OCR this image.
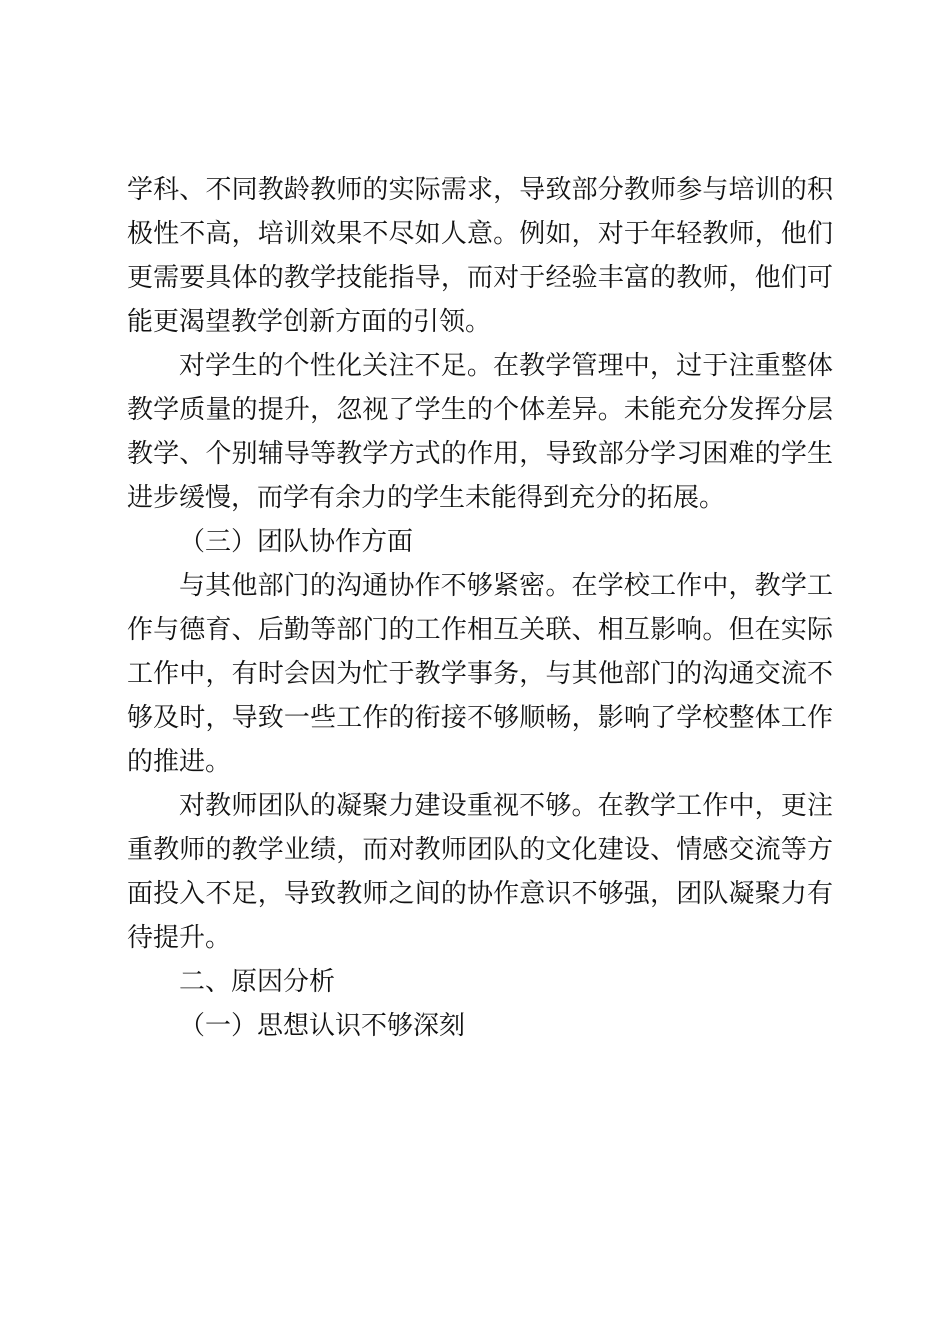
学科、不同教龄教师的实际需求，导致部分教师参与培训的积极性不高，培训效果不尽如人意。例如，对于年轻教师，他们更需要具体的教学技能指导，而对于经验丰富的教师，他们可能更渴望教学创新方面的引领。

对学生的个性化关注不足。在教学管理中，过于注重整体教学质量的提升，忽视了学生的个体差异。未能充分发挥分层教学、个别辅导等教学方式的作用，导致部分学习困难的学生进步缓慢，而学有余力的学生未能得到充分的拓展。

（三）团队协作方面

与其他部门的沟通协作不够紧密。在学校工作中，教学工作与德育、后勤等部门的工作相互关联、相互影响。但在实际工作中，有时会因为忙于教学事务，与其他部门的沟通交流不够及时，导致一些工作的衔接不够顺畅，影响了学校整体工作的推进。

对教师团队的凝聚力建设重视不够。在教学工作中，更注重教师的教学业绩，而对教师团队的文化建设、情感交流等方面投入不足，导致教师之间的协作意识不够强，团队凝聚力有待提升。

二、原因分析

（一）思想认识不够深刻
